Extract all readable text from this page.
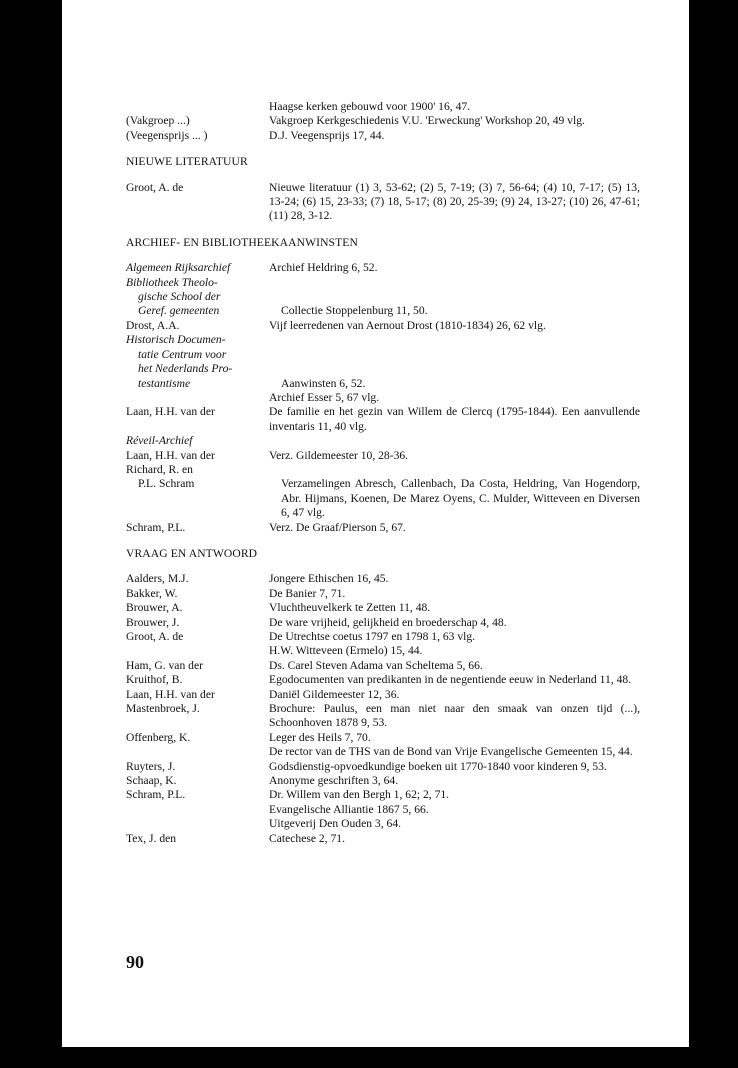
Haagse kerken gebouwd voor 1900' 16, 47.
(Vakgroep ...)	Vakgroep Kerkgeschiedenis V.U. 'Erweckung' Workshop 20, 49 vlg.
(Veegensprijs ... )	D.J. Veegensprijs 17, 44.
NIEUWE LITERATUUR
Groot, A. de	Nieuwe literatuur (1) 3, 53-62; (2) 5, 7-19; (3) 7, 56-64; (4) 10, 7-17; (5) 13, 13-24; (6) 15, 23-33; (7) 18, 5-17; (8) 20, 25-39; (9) 24, 13-27; (10) 26, 47-61; (11) 28, 3-12.
ARCHIEF- EN BIBLIOTHEEKAANWINSTEN
Algemeen Rijksarchief	Archief Heldring 6, 52.
Bibliotheek Theolo-
gische School der
Geref. gemeenten	Collectie Stoppelenburg 11, 50.
Drost, A.A.	Vijf leerredenen van Aernout Drost (1810-1834) 26, 62 vlg.
Historisch Documen-
tatie Centrum voor
het Nederlands Pro-
testantisme	Aanwinsten 6, 52.
Archief Esser 5, 67 vlg.
Laan, H.H. van der	De familie en het gezin van Willem de Clercq (1795-1844). Een aanvullende inventaris 11, 40 vlg.
Réveil-Archief
Laan, H.H. van der	Verz. Gildemeester 10, 28-36.
Richard, R. en
P.L. Schram	Verzamelingen Abresch, Callenbach, Da Costa, Heldring, Van Hogendorp, Abr. Hijmans, Koenen, De Marez Oyens, C. Mulder, Witteveen en Diversen 6, 47 vlg.
Schram, P.L.	Verz. De Graaf/Pierson 5, 67.
VRAAG EN ANTWOORD
Aalders, M.J.	Jongere Ethischen 16, 45.
Bakker, W.	De Banier 7, 71.
Brouwer, A.	Vluchtheuvelkerk te Zetten 11, 48.
Brouwer, J.	De ware vrijheid, gelijkheid en broederschap 4, 48.
Groot, A. de	De Utrechtse coetus 1797 en 1798 1, 63 vlg.
H.W. Witteveen (Ermelo) 15, 44.
Ham, G. van der	Ds. Carel Steven Adama van Scheltema 5, 66.
Kruithof, B.	Egodocumenten van predikanten in de negentiende eeuw in Nederland 11, 48.
Laan, H.H. van der	Daniël Gildemeester 12, 36.
Mastenbroek, J.	Brochure: Paulus, een man niet naar den smaak van onzen tijd (...), Schoonhoven 1878 9, 53.
Offenberg, K.	Leger des Heils 7, 70.
De rector van de THS van de Bond van Vrije Evangelische Gemeenten 15, 44.
Ruyters, J.	Godsdienstig-opvoedkundige boeken uit 1770-1840 voor kinderen 9, 53.
Schaap, K.	Anonyme geschriften 3, 64.
Schram, P.L.	Dr. Willem van den Bergh 1, 62; 2, 71.
Evangelische Alliantie 1867 5, 66.
Uitgeverij Den Ouden 3, 64.
Tex, J. den	Catechese 2, 71.
90
